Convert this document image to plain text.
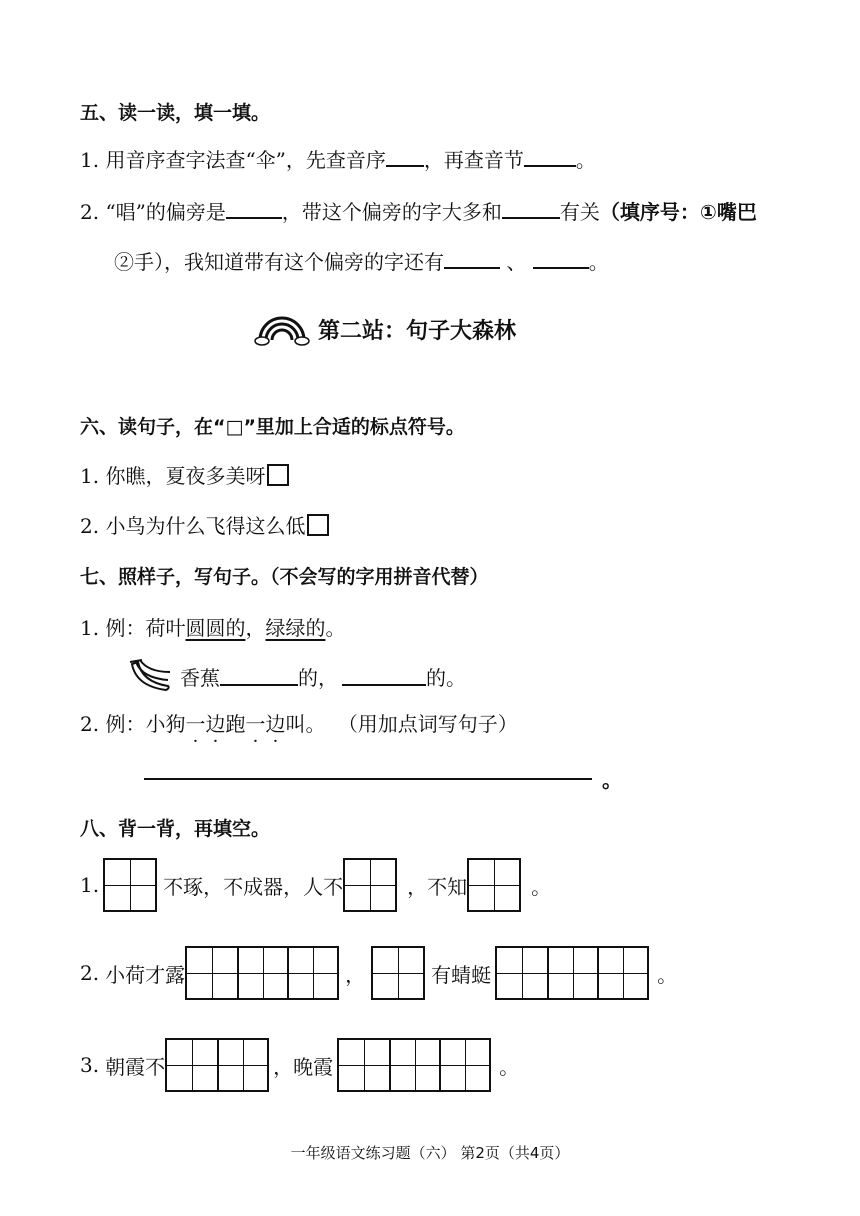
五、读一读，填一填。
1. 用音序查字法查“伞”，先查音序 ，再查音节	。
2. “唱”的偏旁是	，带这个偏旁的字大多和	有关（填序号：①嘴巴
②手），我知道带有这个偏旁的字还有	、	。
第二站：句子大森林
六、读句子，在“□”里加上合适的标点符号。
1. 你瞧，夏夜多美呀
2. 小鸟为什么飞得这么低
七、照样子，写句子。（不会写的字用拼音代替）
1. 例：荷叶圆圆的，绿绿的。
香蕉	的，	的。
2. 例：小狗一边跑一边叫。 （用加点词写句子）
。
八、背一背，再填空。
1.	不琢，不成器，人不	，不知	。
2. 小荷才露	，	有蜻蜓	。
3. 朝霞不	，晚霞	。
一年级语文练习题（六） 第2页（共4页）
